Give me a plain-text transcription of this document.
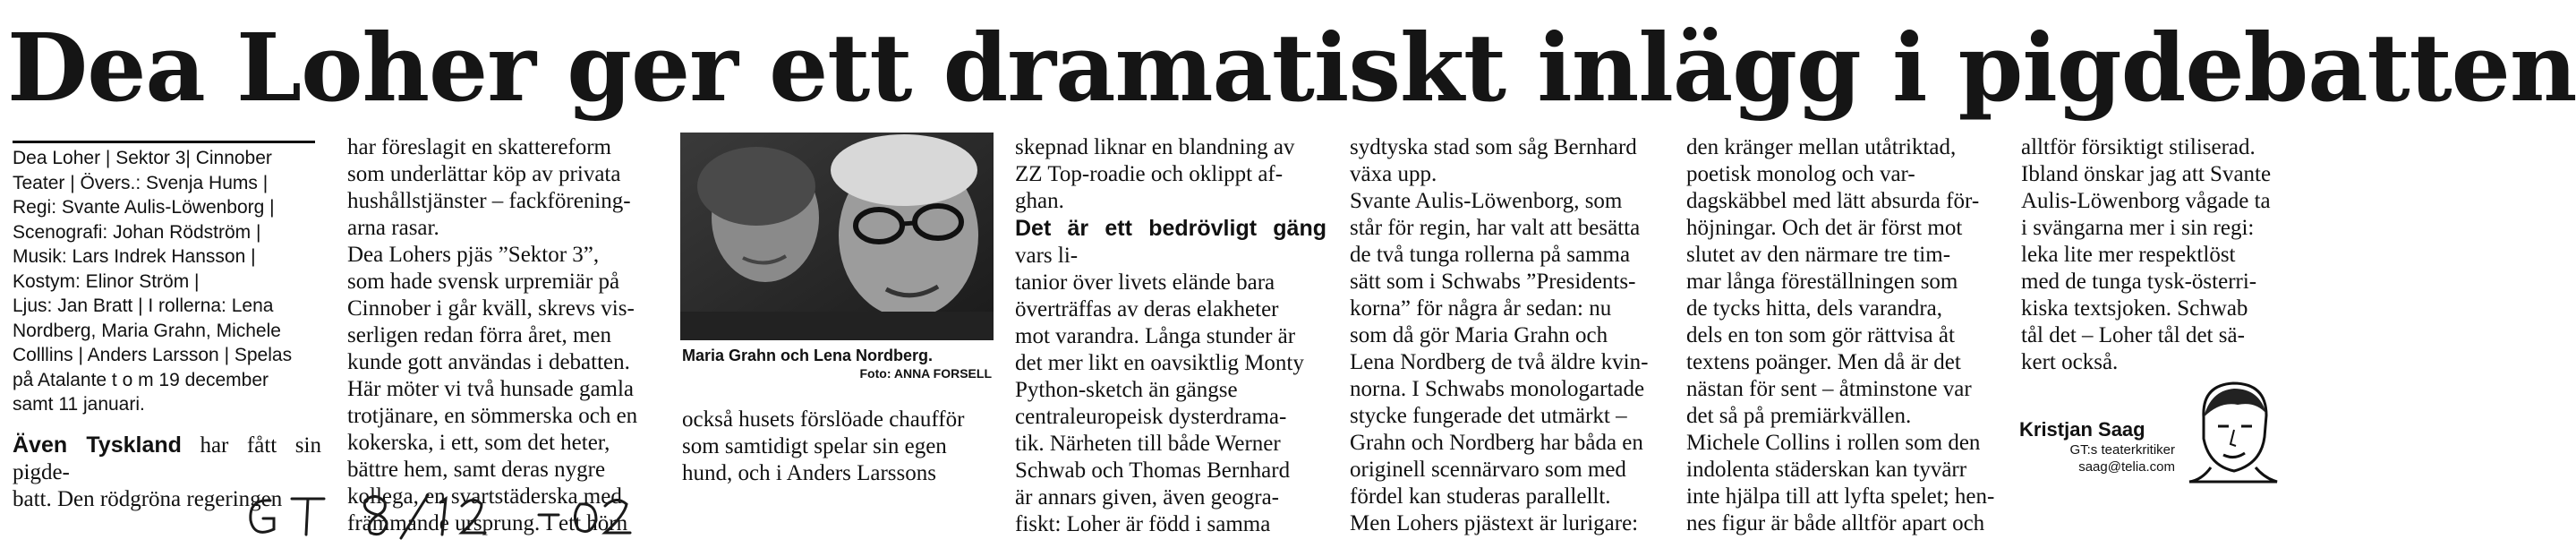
Dea Loher ger ett dramatiskt inlägg i pigdebatten
Dea Loher | Sektor 3| Cinnober
Teater | Övers.: Svenja Hums |
Regi: Svante Aulis-Löwenborg |
Scenografi: Johan Rödström |
Musik: Lars Indrek Hansson |
Kostym: Elinor Ström |
Ljus: Jan Bratt | I rollerna: Lena
Nordberg, Maria Grahn, Michele
Colllins | Anders Larsson | Spelas
på Atalante t o m 19 december
samt 11 januari.
Även Tyskland har fått sin pigde-
batt. Den rödgröna regeringen
har föreslagit en skattereform
som underlättar köp av privata
hushållstjänster – fackförening-
arna rasar.
Dea Lohers pjäs ”Sektor 3”,
som hade svensk urpremiär på
Cinnober i går kväll, skrevs vis-
serligen redan förra året, men
kunde gott användas i debatten.
Här möter vi två hunsade gamla
trotjänare, en sömmerska och en
kokerska, i ett, som det heter,
bättre hem, samt deras nygre
kollega, en svartstäderska med
främmande ursprung. I ett hörn
Maria Grahn och Lena Nordberg.
Foto: ANNA FORSELL
också husets förslöade chaufför
som samtidigt spelar sin egen
hund, och i Anders Larssons
skepnad liknar en blandning av
ZZ Top-roadie och oklippt af-
ghan.
Det är ett bedrövligt gäng vars li-
tanior över livets elände bara
överträffas av deras elakheter
mot varandra. Långa stunder är
det mer likt en oavsiktlig Monty
Python-sketch än gängse
centraleuropeisk dysterdrama-
tik. Närheten till både Werner
Schwab och Thomas Bernhard
är annars given, även geogra-
fiskt: Loher är född i samma
sydtyska stad som såg Bernhard
växa upp.
Svante Aulis-Löwenborg, som
står för regin, har valt att besätta
de två tunga rollerna på samma
sätt som i Schwabs ”Presidents-
korna” för några år sedan: nu
som då gör Maria Grahn och
Lena Nordberg de två äldre kvin-
norna. I Schwabs monologartade
stycke fungerade det utmärkt –
Grahn och Nordberg har båda en
originell scennärvaro som med
fördel kan studeras parallellt.
Men Lohers pjästext är lurigare:
den kränger mellan utåtriktad,
poetisk monolog och var-
dagskäbbel med lätt absurda för-
höjningar. Och det är först mot
slutet av den närmare tre tim-
mar långa föreställningen som
de tycks hitta, dels varandra,
dels en ton som gör rättvisa åt
textens poänger. Men då är det
nästan för sent – åtminstone var
det så på premiärkvällen.
Michele Collins i rollen som den
indolenta städerskan kan tyvärr
inte hjälpa till att lyfta spelet; hen-
nes figur är både alltför apart och
alltför försiktigt stiliserad.
Ibland önskar jag att Svante
Aulis-Löwenborg vågade ta
i svängarna mer i sin regi:
leka lite mer respektlöst
med de tunga tysk-österri-
kiska textsjoken. Schwab
tål det – Loher tål det sä-
kert också.
Kristjan Saag
GT:s teaterkritiker
saag@telia.com
